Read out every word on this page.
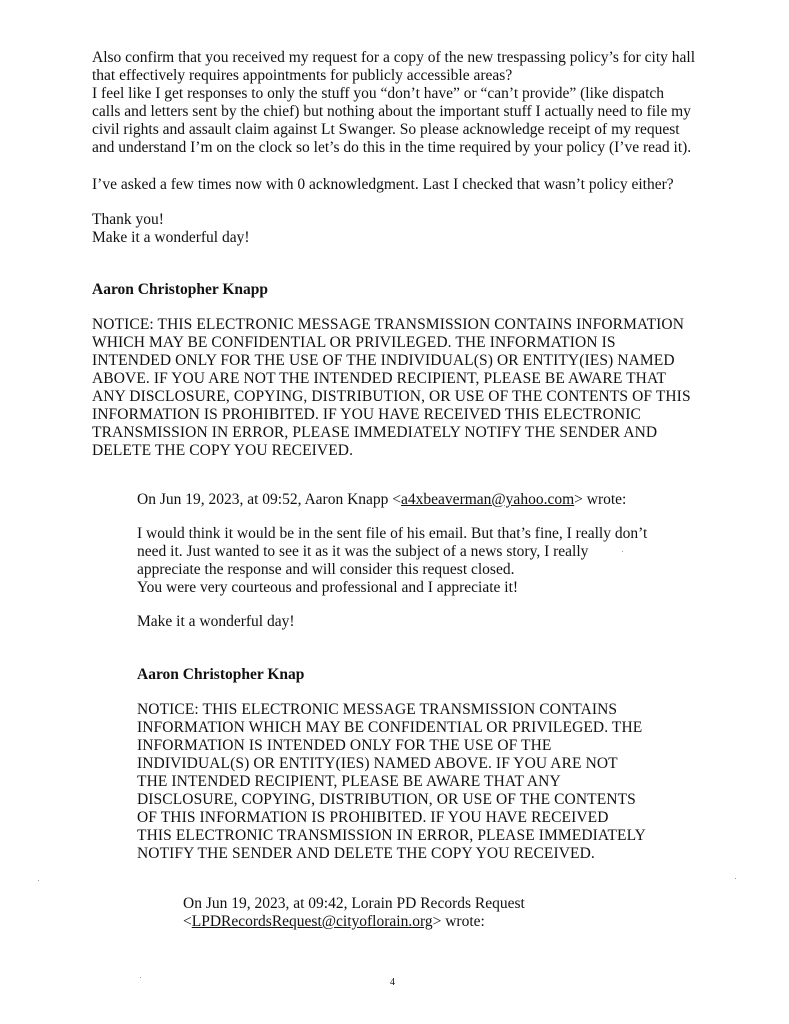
Also confirm that you received my request for a copy of the new trespassing policy’s for city hall
that effectively requires appointments for publicly accessible areas?
I feel like I get responses to only the stuff you “don’t have” or “can’t provide” (like dispatch
calls and letters sent by the chief) but nothing about the important stuff I actually need to file my
civil rights and assault claim against Lt Swanger. So please acknowledge receipt of my request
and understand I’m on the clock so let’s do this in the time required by your policy (I’ve read it).
I’ve asked a few times now with 0 acknowledgment. Last I checked that wasn’t policy either?
Thank you!
Make it a wonderful day!
Aaron Christopher Knapp
NOTICE: THIS ELECTRONIC MESSAGE TRANSMISSION CONTAINS INFORMATION
WHICH MAY BE CONFIDENTIAL OR PRIVILEGED. THE INFORMATION IS
INTENDED ONLY FOR THE USE OF THE INDIVIDUAL(S) OR ENTITY(IES) NAMED
ABOVE. IF YOU ARE NOT THE INTENDED RECIPIENT, PLEASE BE AWARE THAT
ANY DISCLOSURE, COPYING, DISTRIBUTION, OR USE OF THE CONTENTS OF THIS
INFORMATION IS PROHIBITED. IF YOU HAVE RECEIVED THIS ELECTRONIC
TRANSMISSION IN ERROR, PLEASE IMMEDIATELY NOTIFY THE SENDER AND
DELETE THE COPY YOU RECEIVED.
On Jun 19, 2023, at 09:52, Aaron Knapp <a4xbeaverman@yahoo.com> wrote:
I would think it would be in the sent file of his email. But that’s fine, I really don’t
need it. Just wanted to see it as it was the subject of a news story, I really
appreciate the response and will consider this request closed.
You were very courteous and professional and I appreciate it!
Make it a wonderful day!
Aaron Christopher Knap
NOTICE: THIS ELECTRONIC MESSAGE TRANSMISSION CONTAINS
INFORMATION WHICH MAY BE CONFIDENTIAL OR PRIVILEGED. THE
INFORMATION IS INTENDED ONLY FOR THE USE OF THE
INDIVIDUAL(S) OR ENTITY(IES) NAMED ABOVE. IF YOU ARE NOT
THE INTENDED RECIPIENT, PLEASE BE AWARE THAT ANY
DISCLOSURE, COPYING, DISTRIBUTION, OR USE OF THE CONTENTS
OF THIS INFORMATION IS PROHIBITED. IF YOU HAVE RECEIVED
THIS ELECTRONIC TRANSMISSION IN ERROR, PLEASE IMMEDIATELY
NOTIFY THE SENDER AND DELETE THE COPY YOU RECEIVED.
On Jun 19, 2023, at 09:42, Lorain PD Records Request
<LPDRecordsRequest@cityoflorain.org> wrote:
4
